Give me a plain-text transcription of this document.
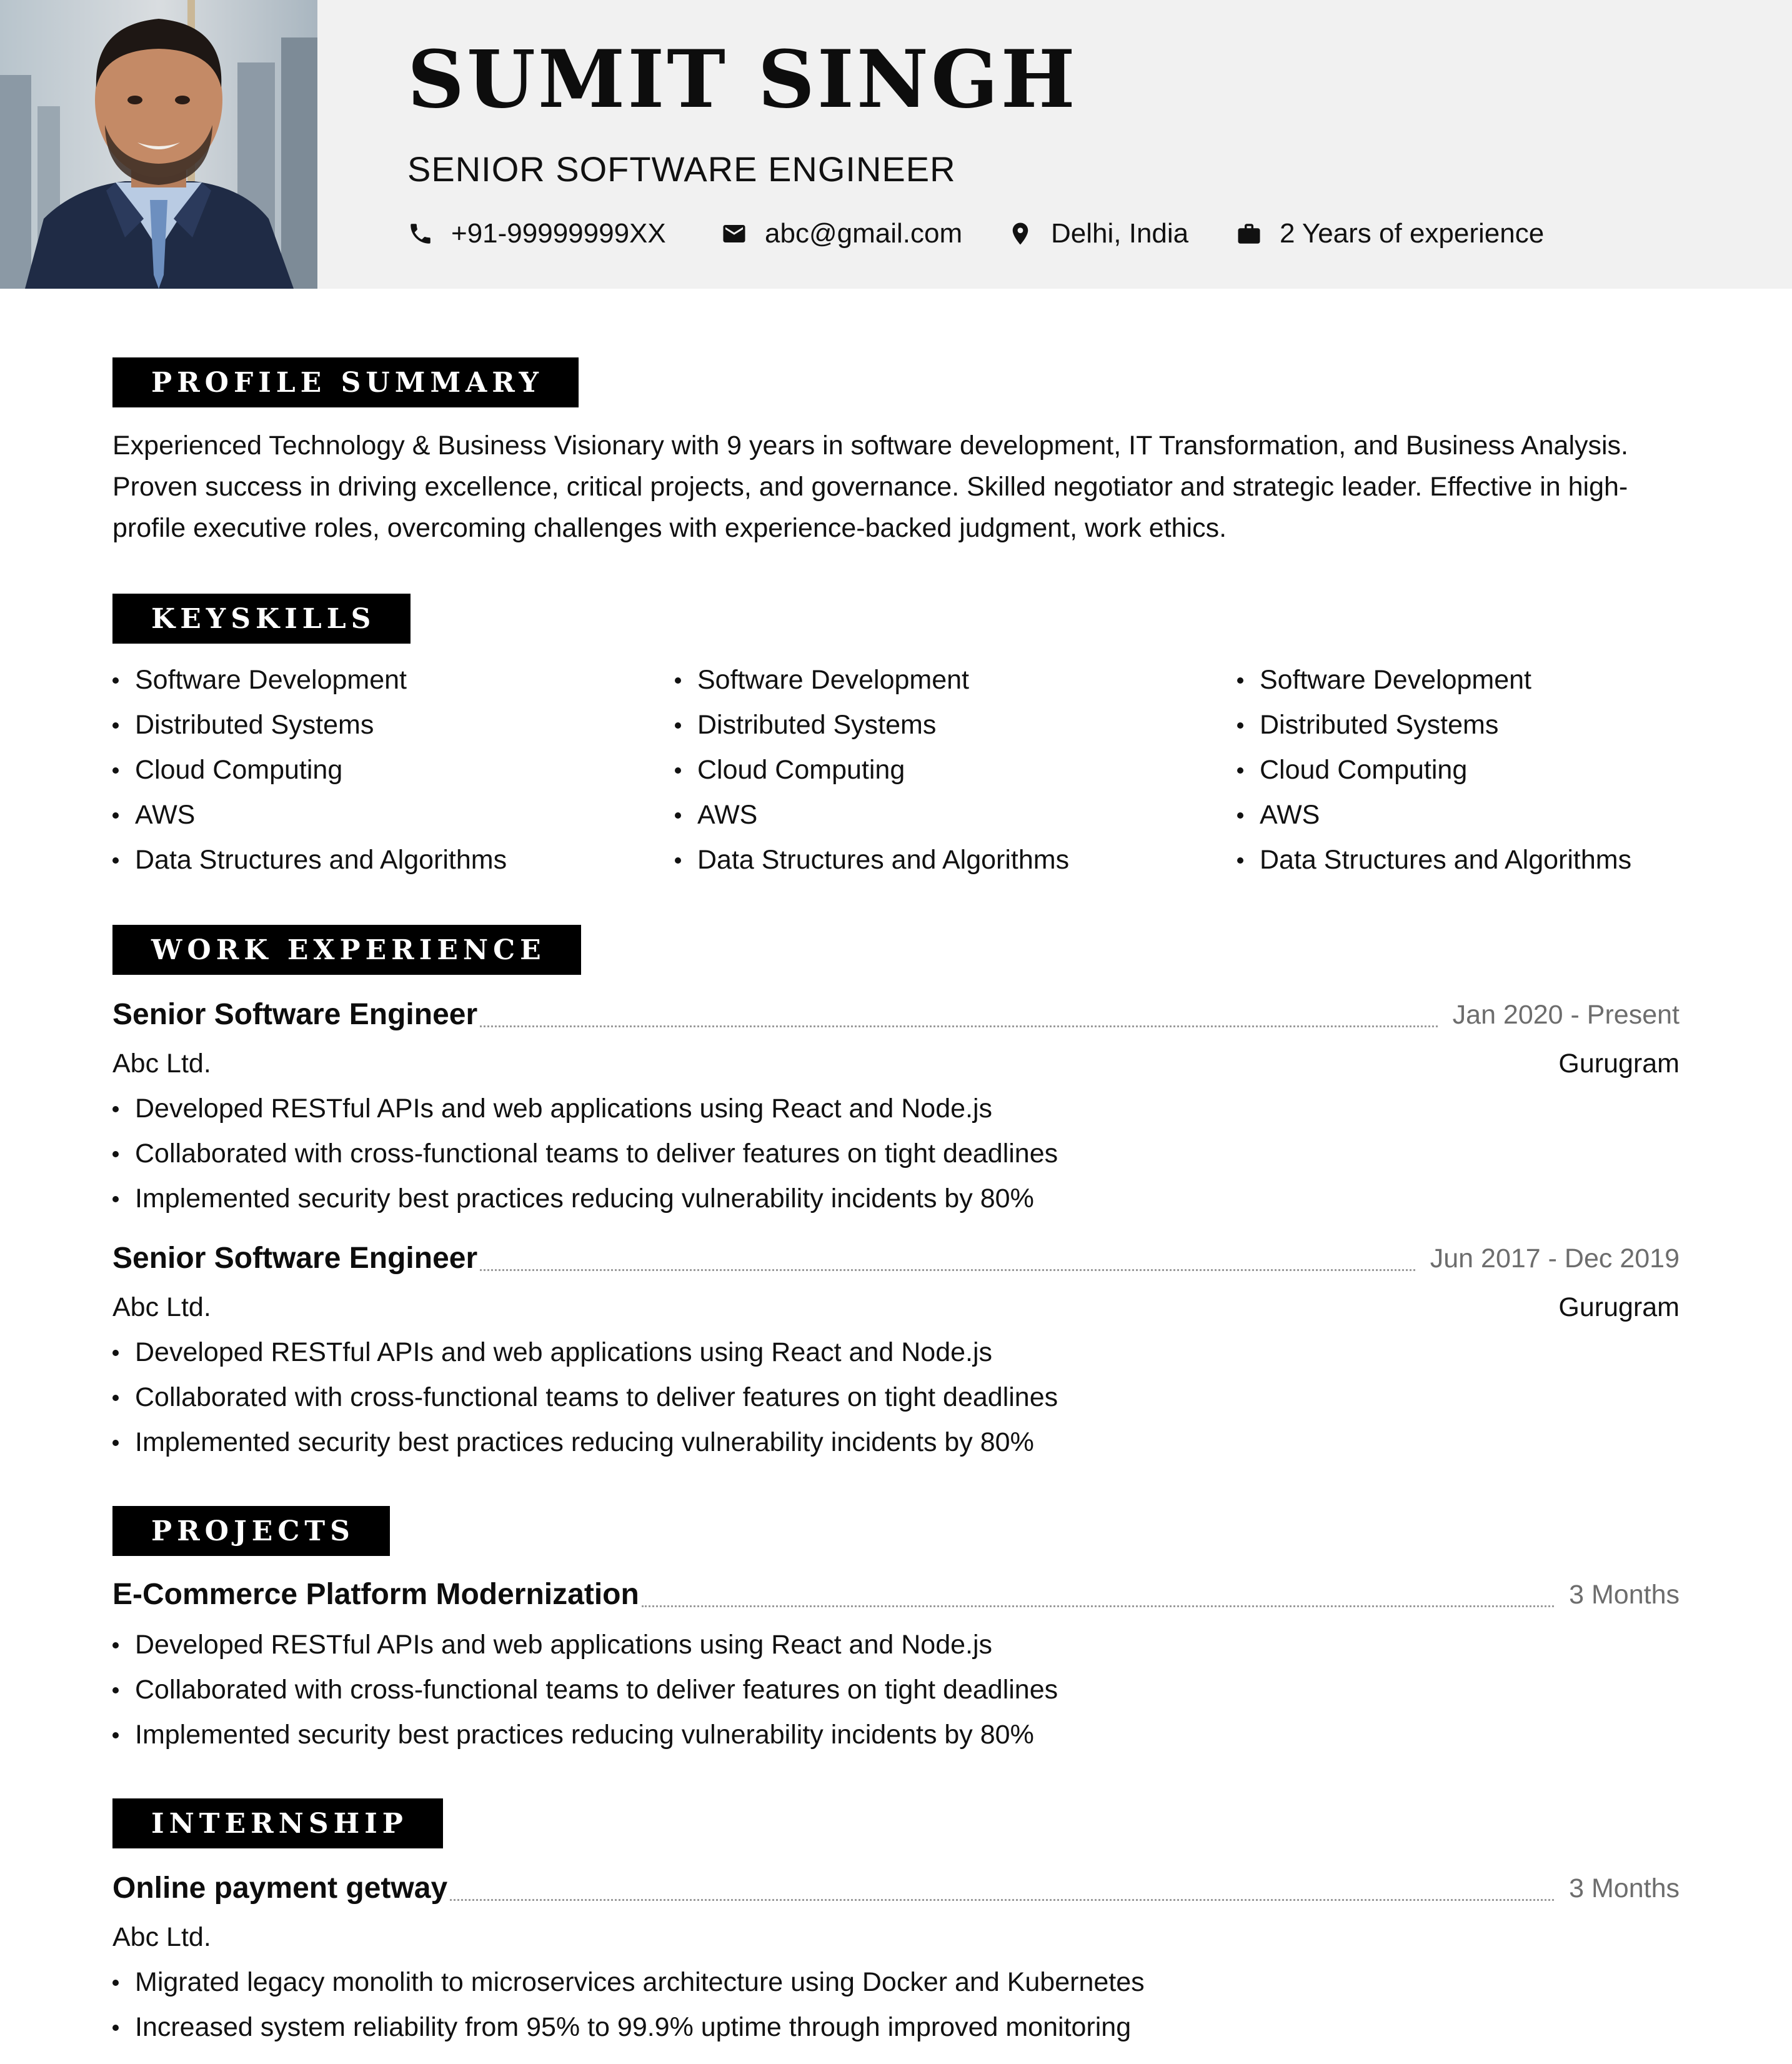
SUMIT SINGH
SENIOR SOFTWARE ENGINEER
+91-99999999XX	abc@gmail.com	Delhi, India	2 Years of experience
PROFILE SUMMARY

Experienced Technology & Business Visionary with 9 years in software development, IT Transformation, and Business Analysis. Proven success in driving excellence, critical projects, and governance. Skilled negotiator and strategic leader. Effective in high-profile executive roles, overcoming challenges with experience-backed judgment, work ethics.

KEYSKILLS
Software Development
Distributed Systems
Cloud Computing
AWS
Data Structures and Algorithms
Software Development
Distributed Systems
Cloud Computing
AWS
Data Structures and Algorithms
Software Development
Distributed Systems
Cloud Computing
AWS
Data Structures and Algorithms
WORK EXPERIENCE
Senior Software Engineer	Jan 2020 - Present
Abc Ltd.	Gurugram
Developed RESTful APIs and web applications using React and Node.js
Collaborated with cross-functional teams to deliver features on tight deadlines
Implemented security best practices reducing vulnerability incidents by 80%
Senior Software Engineer	Jun 2017 - Dec 2019
Abc Ltd.	Gurugram
Developed RESTful APIs and web applications using React and Node.js
Collaborated with cross-functional teams to deliver features on tight deadlines
Implemented security best practices reducing vulnerability incidents by 80%
PROJECTS
E-Commerce Platform Modernization	3 Months
Developed RESTful APIs and web applications using React and Node.js
Collaborated with cross-functional teams to deliver features on tight deadlines
Implemented security best practices reducing vulnerability incidents by 80%
INTERNSHIP
Online payment getway	3 Months
Abc Ltd.
Migrated legacy monolith to microservices architecture using Docker and Kubernetes
Increased system reliability from 95% to 99.9% uptime through improved monitoring
